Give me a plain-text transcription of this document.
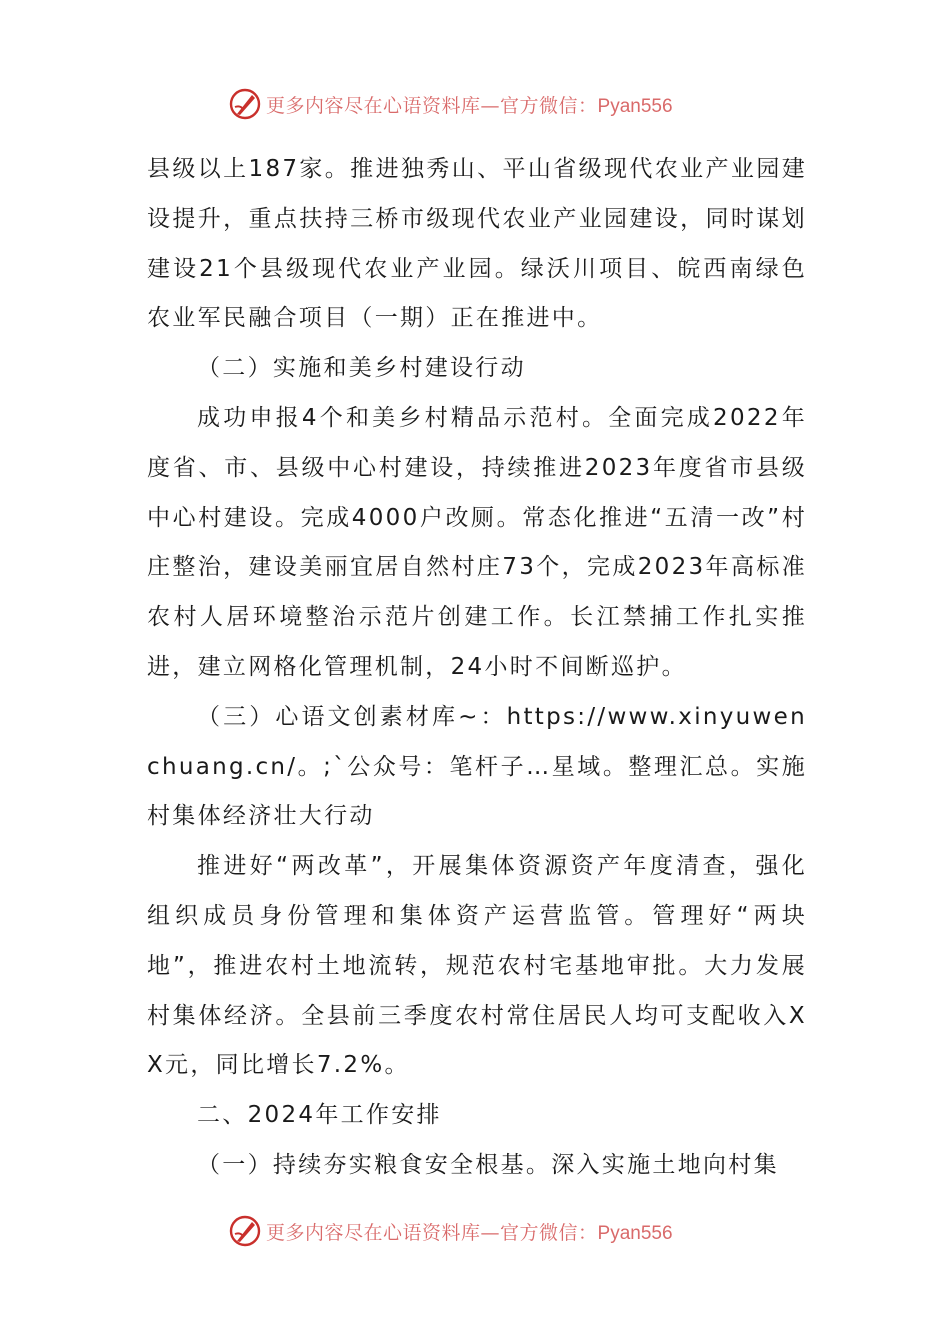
更多内容尽在心语资料库—官方微信：Pyan556

县级以上187家。推进独秀山、平山省级现代农业产业园建设提升，重点扶持三桥市级现代农业产业园建设，同时谋划建设21个县级现代农业产业园。绿沃川项目、皖西南绿色农业军民融合项目（一期）正在推进中。

（二）实施和美乡村建设行动

成功申报4个和美乡村精品示范村。全面完成2022年度省、市、县级中心村建设，持续推进2023年度省市县级中心村建设。完成4000户改厕。常态化推进“五清一改”村庄整治，建设美丽宜居自然村庄73个，完成2023年高标准农村人居环境整治示范片创建工作。长江禁捕工作扎实推进，建立网格化管理机制，24小时不间断巡护。

（三）心语文创素材库~：https://www.xinyuwenchuang.cn/。;`公众号：笔杆子…星域。整理汇总。实施村集体经济壮大行动

推进好“两改革”，开展集体资源资产年度清查，强化组织成员身份管理和集体资产运营监管。管理好“两块地”，推进农村土地流转，规范农村宅基地审批。大力发展村集体经济。全县前三季度农村常住居民人均可支配收入XX元，同比增长7.2%。

二、2024年工作安排

（一）持续夯实粮食安全根基。深入实施土地向村集

更多内容尽在心语资料库—官方微信：Pyan556
